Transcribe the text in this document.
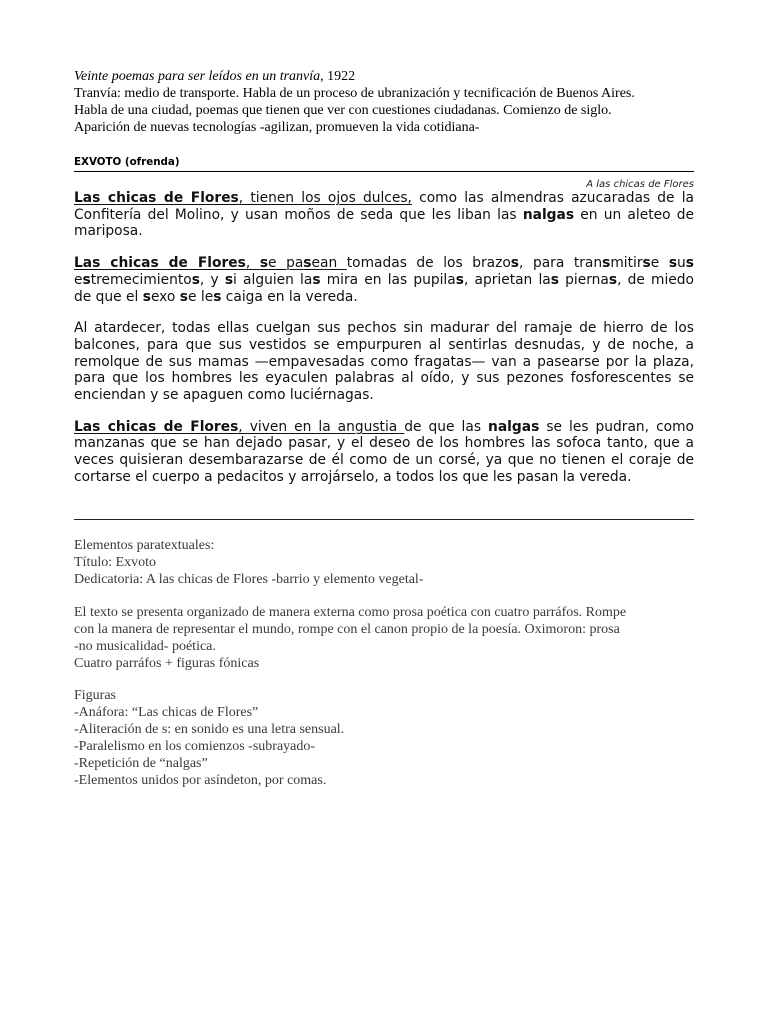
Veinte poemas para ser leídos en un tranvía, 1922
Tranvía: medio de transporte. Habla de un proceso de ubranización y tecnificación de Buenos Aires.
Habla de una ciudad, poemas que tienen que ver con cuestiones ciudadanas. Comienzo de siglo.
Aparición de nuevas tecnologías -agilizan, promueven la vida cotidiana-
EXVOTO (ofrenda)
A las chicas de Flores
Las chicas de Flores, tienen los ojos dulces, como las almendras azucaradas de la
Confitería del Molino, y usan moños de seda que les liban las nalgas en un aleteo de
mariposa.
Las chicas de Flores, se pasean tomadas de los brazos, para transmitirse sus
estremecimientos, y si alguien las mira en las pupilas, aprietan las piernas, de miedo
de que el sexo se les caiga en la vereda.
Al atardecer, todas ellas cuelgan sus pechos sin madurar del ramaje de hierro de los
balcones, para que sus vestidos se empurpuren al sentirlas desnudas, y de noche, a
remolque de sus mamas —empavesadas como fragatas— van a pasearse por la plaza,
para que los hombres les eyaculen palabras al oído, y sus pezones fosforescentes se
enciendan y se apaguen como luciérnagas.
Las chicas de Flores, viven en la angustia de que las nalgas se les pudran, como
manzanas que se han dejado pasar, y el deseo de los hombres las sofoca tanto, que a
veces quisieran desembarazarse de él como de un corsé, ya que no tienen el coraje de
cortarse el cuerpo a pedacitos y arrojárselo, a todos los que les pasan la vereda.
Elementos paratextuales:
Título: Exvoto
Dedicatoria: A las chicas de Flores -barrio y elemento vegetal-
El texto se presenta organizado de manera externa como prosa poética con cuatro parráfos. Rompe
con la manera de representar el mundo, rompe con el canon propio de la poesía. Oximoron: prosa
-no musicalidad- poética.
Cuatro parráfos + figuras fónicas
Figuras
-Anáfora: “Las chicas de Flores”
-Aliteración de s: en sonido es una letra sensual.
-Paralelismo en los comienzos -subrayado-
-Repetición de “nalgas”
-Elementos unidos por asíndeton, por comas.
